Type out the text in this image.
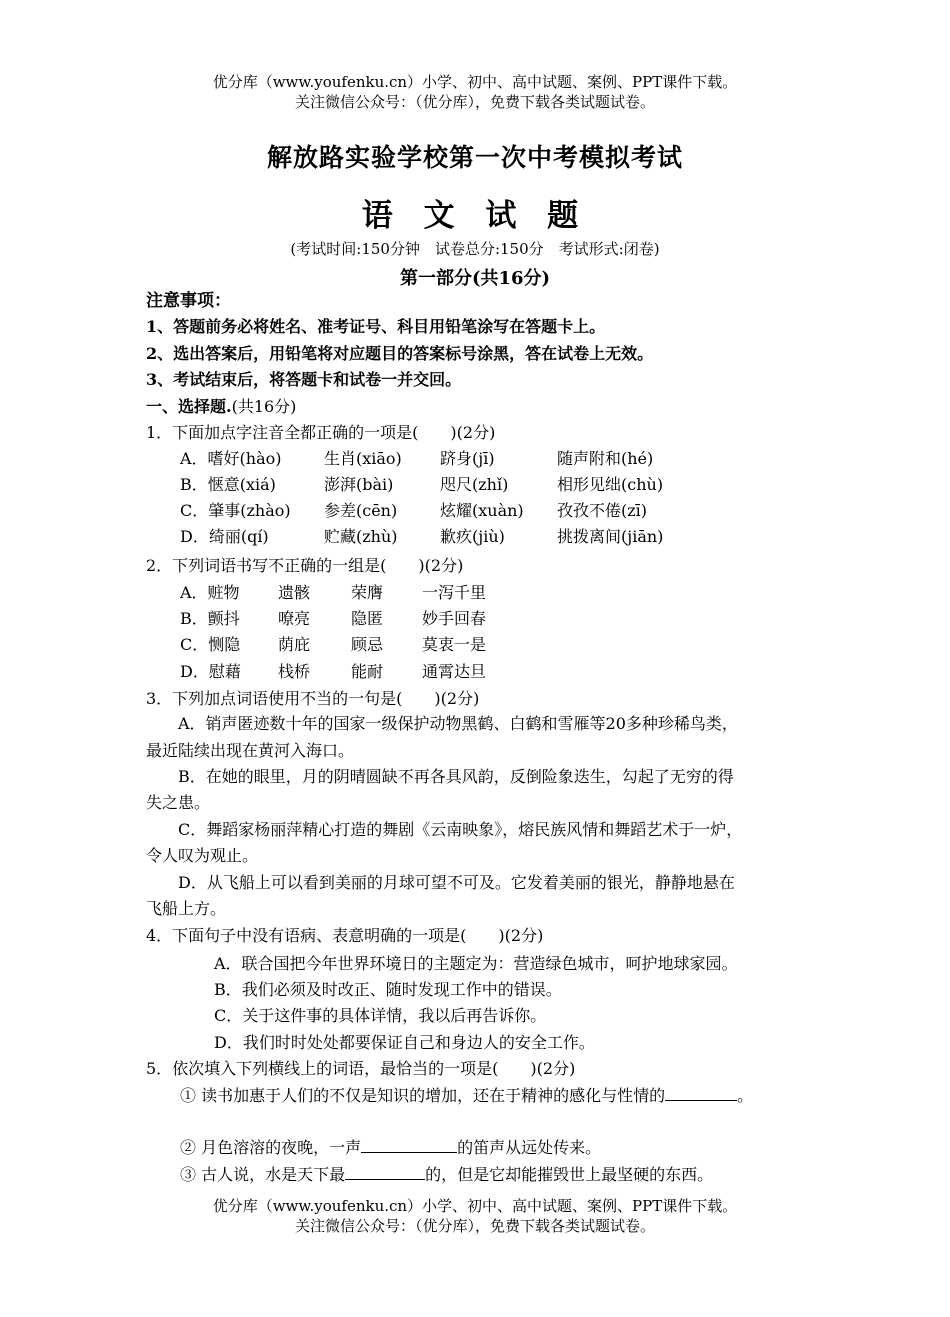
优分库（www.youfenku.cn）小学、初中、高中试题、案例、PPT课件下载。
关注微信公众号：（优分库），免费下载各类试题试卷。
解放路实验学校第一次中考模拟考试
语 文 试 题
(考试时间:150分钟　试卷总分:150分　考试形式:闭卷)
第一部分(共16分)
注意事项：
1、答题前务必将姓名、准考证号、科目用铅笔涂写在答题卡上。
2、选出答案后，用铅笔将对应题目的答案标号涂黑，答在试卷上无效。
3、考试结束后，将答题卡和试卷一并交回。
一、选择题.(共16分)
1．下面加点字注音全都正确的一项是(　　)(2分)
A．嗜好(hào)	生肖(xiāo) 跻身(jī)	随声附和(hé)
B．惬意(xiá)	澎湃(bài)	咫尺(zhǐ)	相形见绌(chù)
C．肇事(zhào) 参差(cēn)	炫耀(xuàn) 孜孜不倦(zī)
D．绮丽(qí)	贮藏(zhù)	歉疚(jiù)	挑拨离间(jiān)
2．下列词语书写不正确的一组是(　　)(2分)
A．赃物 遗骸	荣膺 一泻千里
B．颤抖 嘹亮	隐匿 妙手回春
C．恻隐 荫庇	顾忌 莫衷一是
D．慰藉 栈桥	能耐 通霄达旦
3．下列加点词语使用不当的一句是(　　)(2分)
A．销声匿迹数十年的国家一级保护动物黑鹤、白鹤和雪雁等20多种珍稀鸟类，
最近陆续出现在黄河入海口。
B．在她的眼里，月的阴晴圆缺不再各具风韵，反倒险象迭生，勾起了无穷的得
失之患。
C．舞蹈家杨丽萍精心打造的舞剧《云南映象》，熔民族风情和舞蹈艺术于一炉，
令人叹为观止。
D．从飞船上可以看到美丽的月球可望不可及。它发着美丽的银光，静静地悬在
飞船上方。
4．下面句子中没有语病、表意明确的一项是(　　)(2分)
A．联合国把今年世界环境日的主题定为：营造绿色城市，呵护地球家园。
B．我们必须及时改正、随时发现工作中的错误。
C．关于这件事的具体详情，我以后再告诉你。
D．我们时时处处都要保证自己和身边人的安全工作。
5．依次填入下列横线上的词语，最恰当的一项是(　　)(2分)
① 读书加惠于人们的不仅是知识的增加，还在于精神的感化与性情的	。
② 月色溶溶的夜晚，一声	的笛声从远处传来。
③ 古人说，水是天下最	的，但是它却能摧毁世上最坚硬的东西。
优分库（www.youfenku.cn）小学、初中、高中试题、案例、PPT课件下载。
关注微信公众号：（优分库），免费下载各类试题试卷。
